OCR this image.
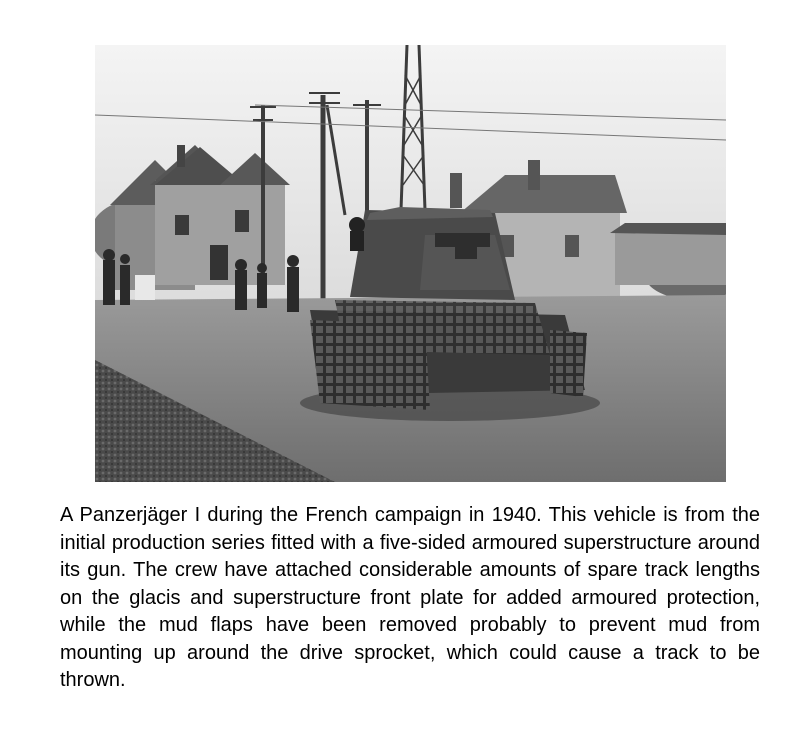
A Panzerjäger I during the French campaign in 1940. This vehicle is from the initial production series fitted with a five-sided armoured superstructure around its gun. The crew have attached considerable amounts of spare track lengths on the glacis and superstructure front plate for added armoured protection, while the mud flaps have been removed probably to prevent mud from mounting up around the drive sprocket, which could cause a track to be thrown.
